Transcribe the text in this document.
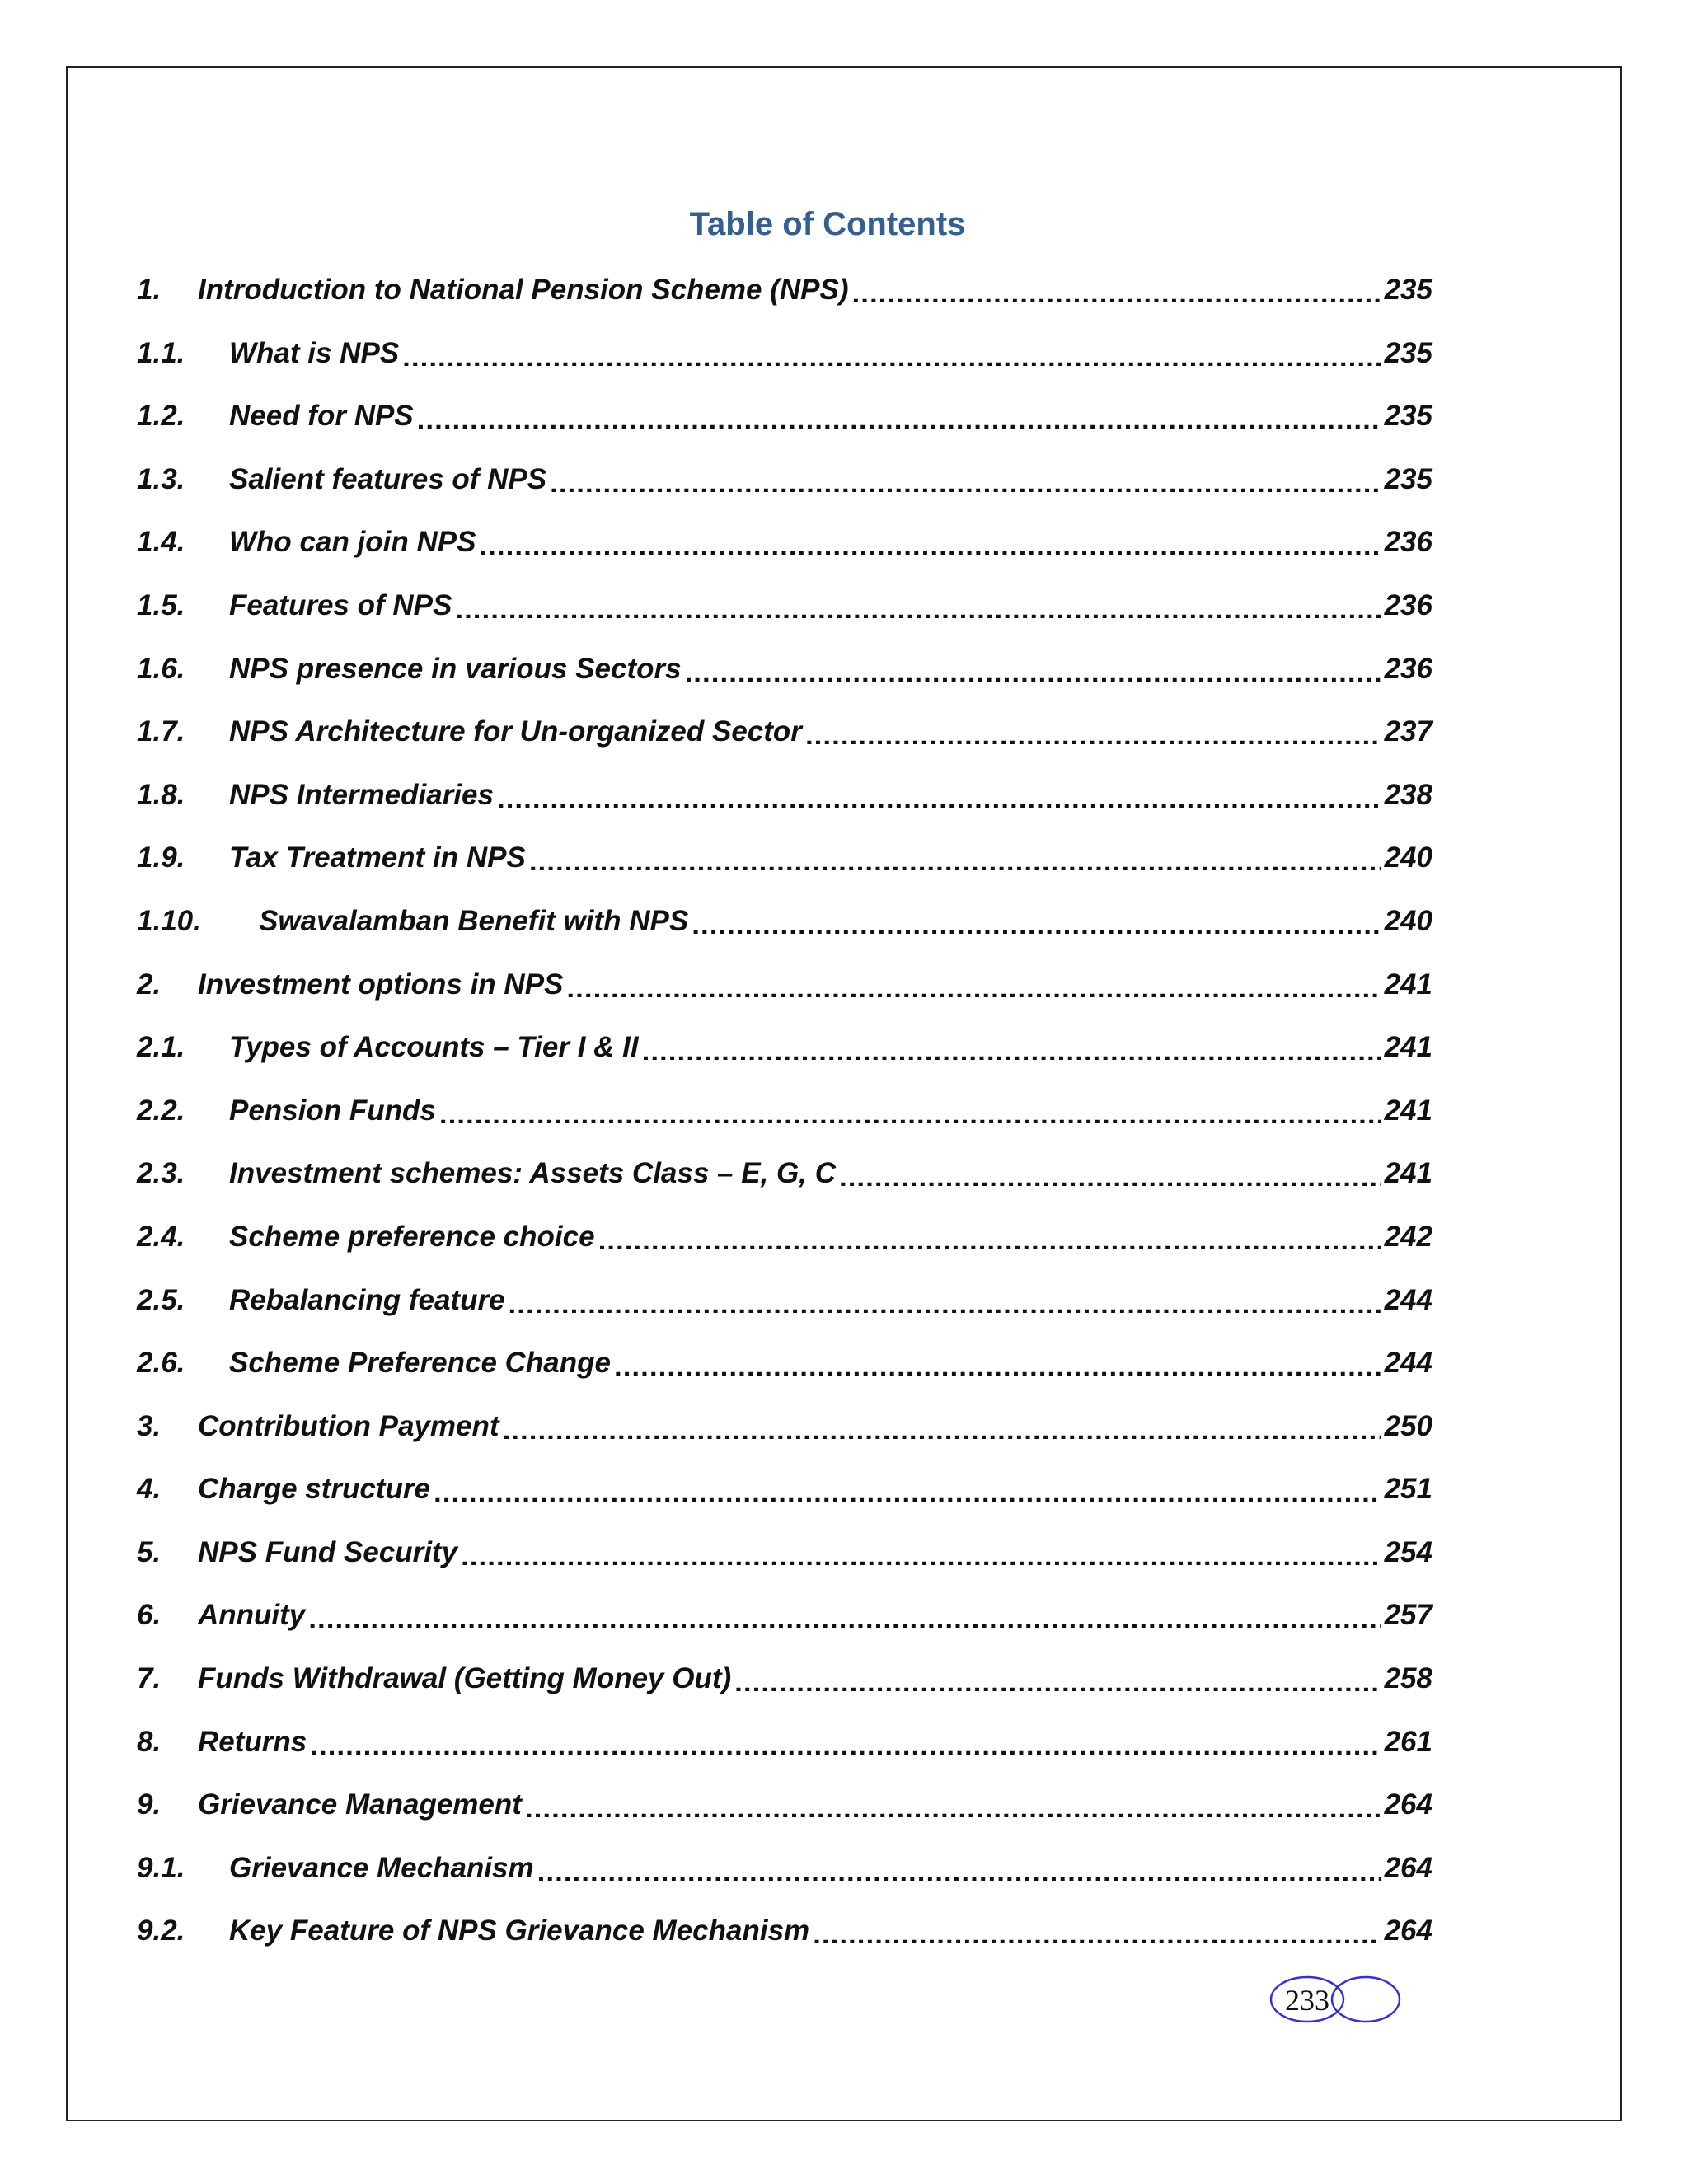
Table of Contents
1.	Introduction to National Pension Scheme (NPS) .....	235
1.1.	What is NPS .....	235
1.2.	Need for NPS .....	235
1.3.	Salient features of NPS .....	235
1.4.	Who can join NPS .....	236
1.5.	Features of NPS .....	236
1.6.	NPS presence in various Sectors .....	236
1.7.	NPS Architecture for Un-organized Sector .....	237
1.8.	NPS Intermediaries .....	238
1.9.	Tax Treatment in NPS .....	240
1.10.	Swavalamban Benefit with NPS .....	240
2.	Investment options in NPS .....	241
2.1.	Types of Accounts – Tier I & II .....	241
2.2.	Pension Funds .....	241
2.3.	Investment schemes: Assets Class – E, G, C .....	241
2.4.	Scheme preference choice .....	242
2.5.	Rebalancing feature .....	244
2.6.	Scheme Preference Change .....	244
3.	Contribution Payment .....	250
4.	Charge structure .....	251
5.	NPS Fund Security .....	254
6.	Annuity .....	257
7.	Funds Withdrawal (Getting Money Out) .....	258
8.	Returns .....	261
9.	Grievance Management .....	264
9.1.	Grievance Mechanism .....	264
9.2.	Key Feature of NPS Grievance Mechanism .....	264
233
